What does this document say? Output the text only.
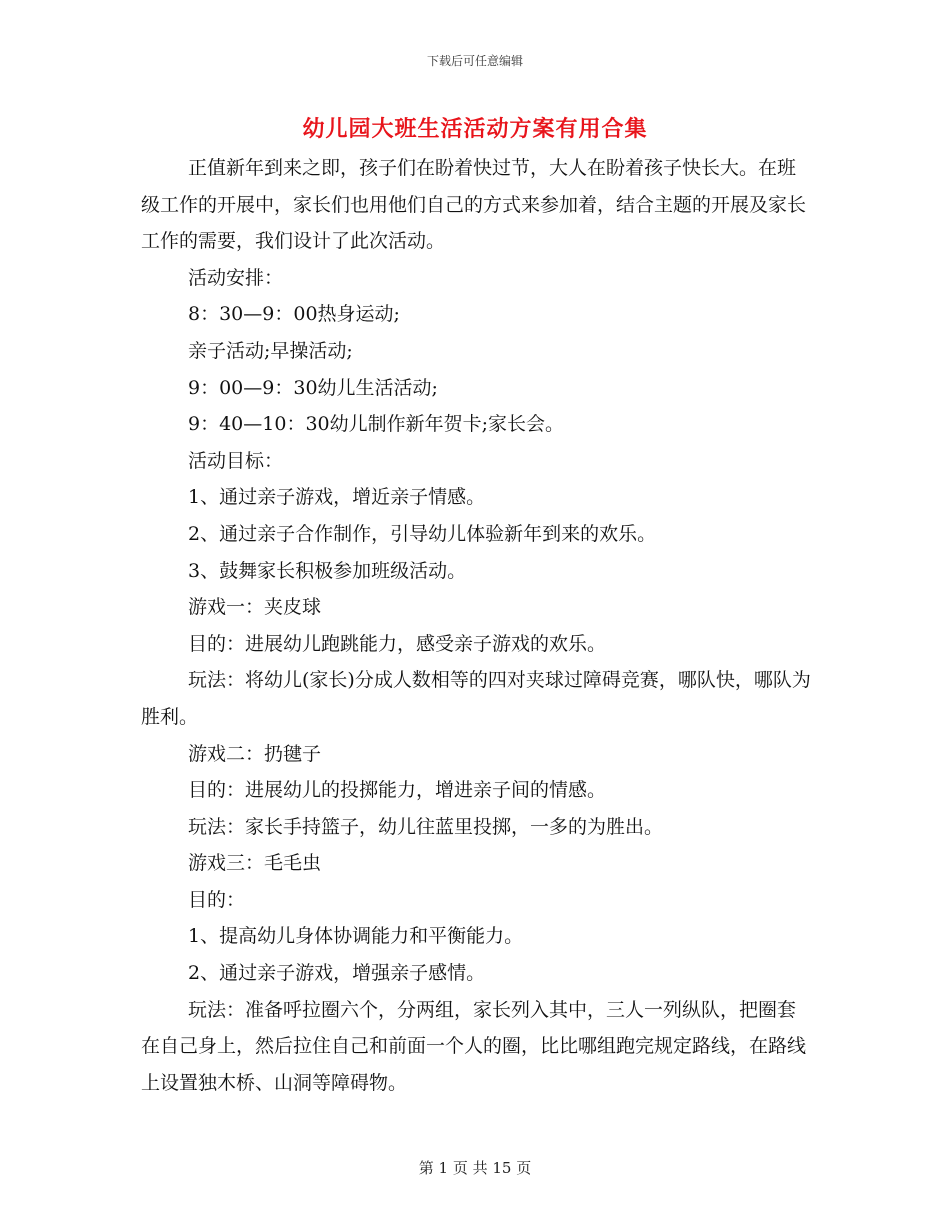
下载后可任意编辑
幼儿园大班生活活动方案有用合集

正值新年到来之即，孩子们在盼着快过节，大人在盼着孩子快长大。在班级工作的开展中，家长们也用他们自己的方式来参加着，结合主题的开展及家长工作的需要，我们设计了此次活动。

活动安排：

8：30—9：00热身运动;

亲子活动;早操活动;

9：00—9：30幼儿生活活动;

9：40—10：30幼儿制作新年贺卡;家长会。

活动目标：

1、通过亲子游戏，增近亲子情感。

2、通过亲子合作制作，引导幼儿体验新年到来的欢乐。

3、鼓舞家长积极参加班级活动。

游戏一：夹皮球

目的：进展幼儿跑跳能力，感受亲子游戏的欢乐。

玩法：将幼儿(家长)分成人数相等的四对夹球过障碍竞赛，哪队快，哪队为胜利。

游戏二：扔毽子

目的：进展幼儿的投掷能力，增进亲子间的情感。

玩法：家长手持篮子，幼儿往蓝里投掷，一多的为胜出。

游戏三：毛毛虫

目的：

1、提高幼儿身体协调能力和平衡能力。

2、通过亲子游戏，增强亲子感情。

玩法：准备呼拉圈六个，分两组，家长列入其中，三人一列纵队，把圈套在自己身上，然后拉住自己和前面一个人的圈，比比哪组跑完规定路线，在路线上设置独木桥、山洞等障碍物。

第 1 页 共 15 页
